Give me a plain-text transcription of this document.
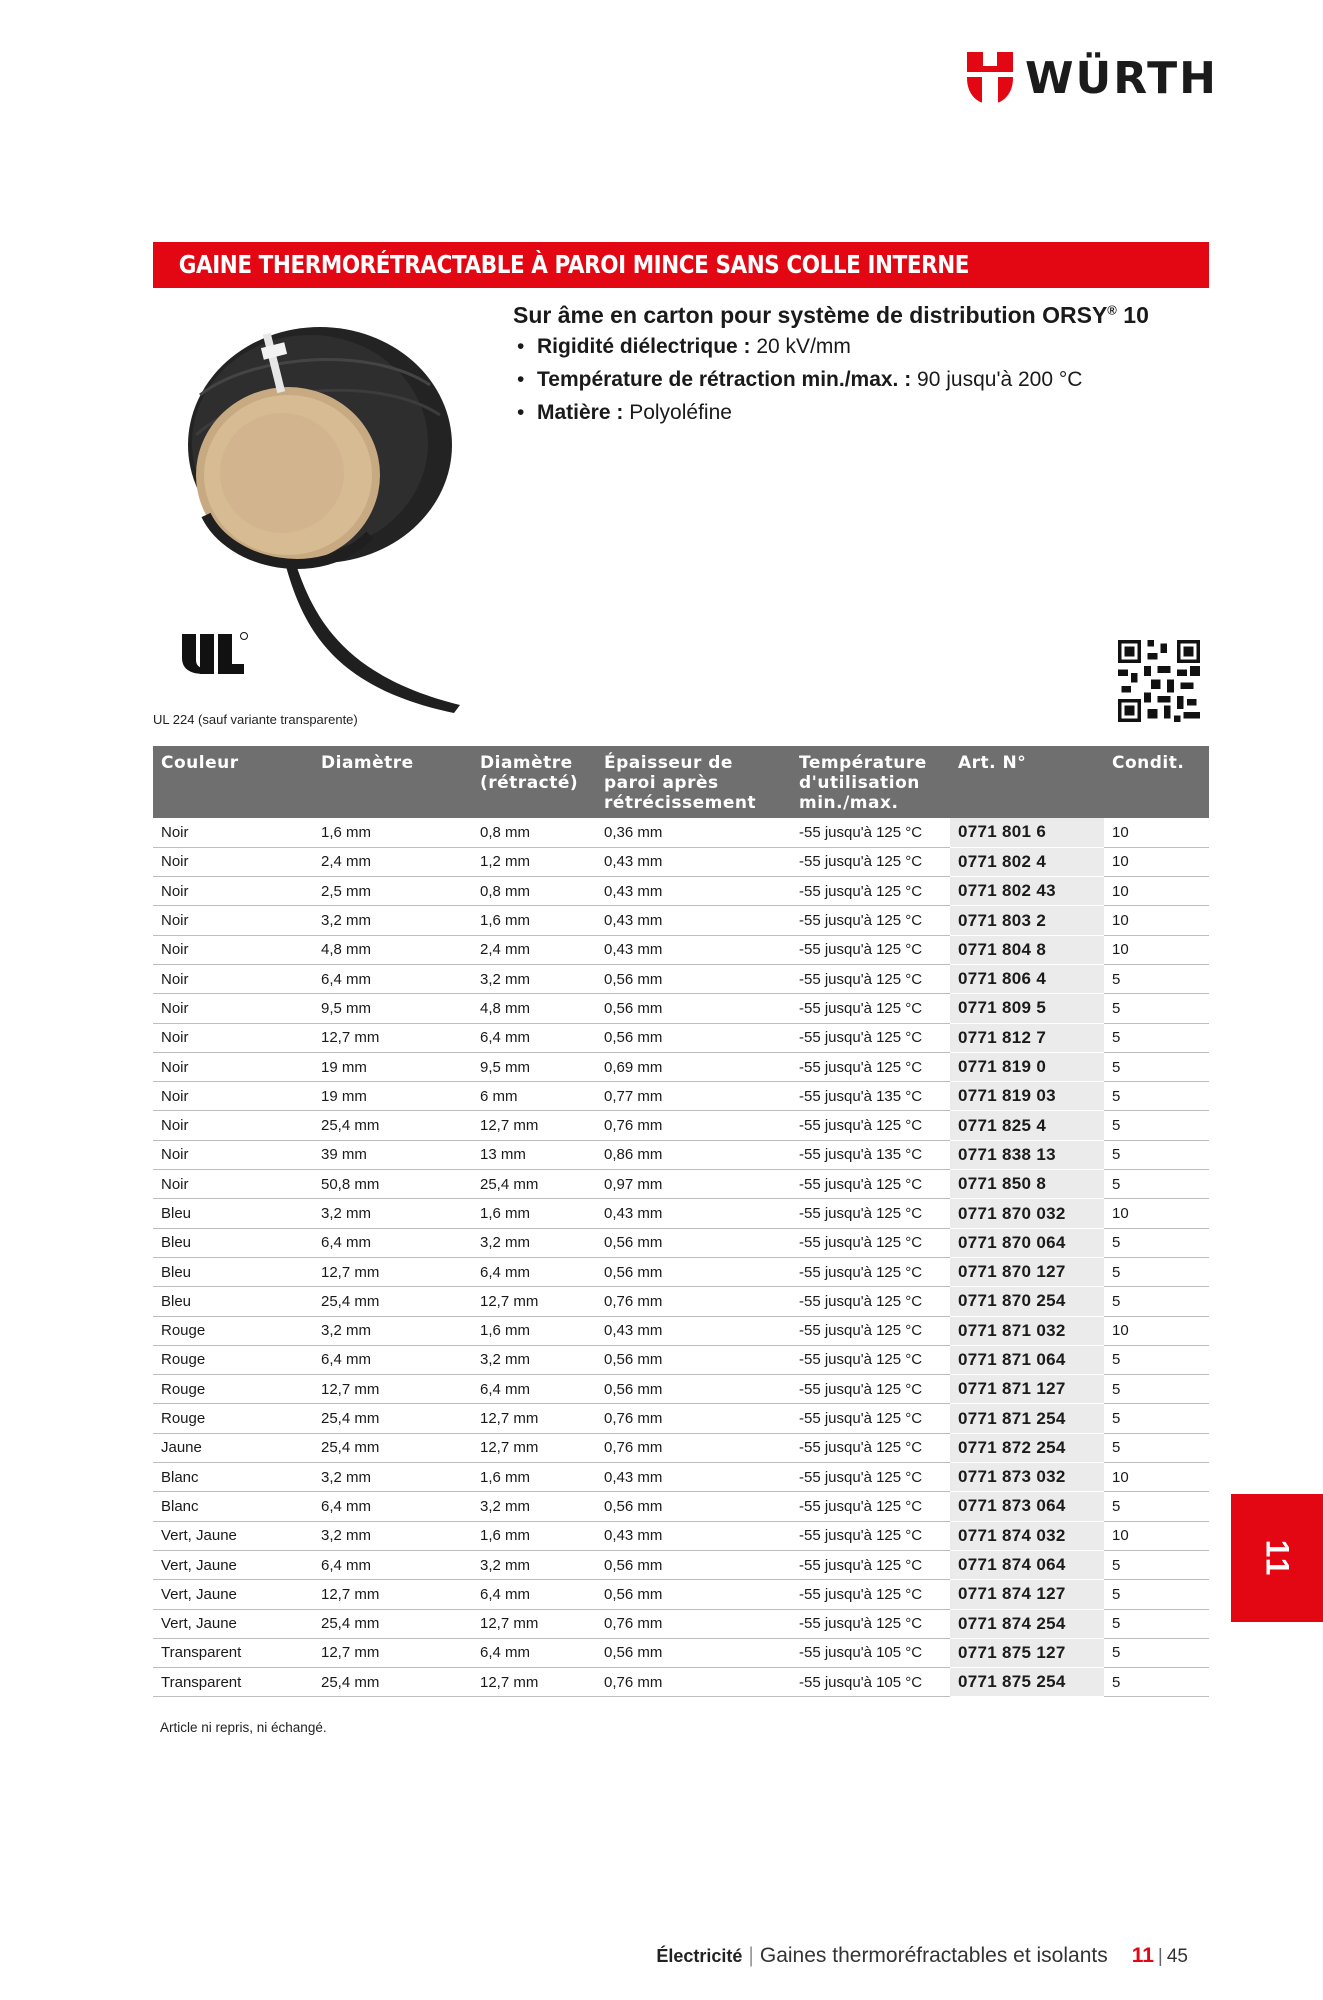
WÜRTH
GAINE THERMORÉTRACTABLE À PAROI MINCE SANS COLLE INTERNE
UL 224 (sauf variante transparente)
Sur âme en carton pour système de distribution ORSY® 10
• Rigidité diélectrique : 20 kV/mm
• Température de rétraction min./max. : 90 jusqu'à 200 °C
• Matière : Polyoléfine
Couleur	Diamètre	Diamètre (rétracté)	Épaisseur de paroi après rétrécissement	Température d'utilisation min./max.	Art. N°	Condit.
Noir	1,6 mm	0,8 mm	0,36 mm	-55 jusqu'à 125 °C	0771 801 6	10
Noir	2,4 mm	1,2 mm	0,43 mm	-55 jusqu'à 125 °C	0771 802 4	10
Noir	2,5 mm	0,8 mm	0,43 mm	-55 jusqu'à 125 °C	0771 802 43	10
Noir	3,2 mm	1,6 mm	0,43 mm	-55 jusqu'à 125 °C	0771 803 2	10
Noir	4,8 mm	2,4 mm	0,43 mm	-55 jusqu'à 125 °C	0771 804 8	10
Noir	6,4 mm	3,2 mm	0,56 mm	-55 jusqu'à 125 °C	0771 806 4	5
Noir	9,5 mm	4,8 mm	0,56 mm	-55 jusqu'à 125 °C	0771 809 5	5
Noir	12,7 mm	6,4 mm	0,56 mm	-55 jusqu'à 125 °C	0771 812 7	5
Noir	19 mm	9,5 mm	0,69 mm	-55 jusqu'à 125 °C	0771 819 0	5
Noir	19 mm	6 mm	0,77 mm	-55 jusqu'à 135 °C	0771 819 03	5
Noir	25,4 mm	12,7 mm	0,76 mm	-55 jusqu'à 125 °C	0771 825 4	5
Noir	39 mm	13 mm	0,86 mm	-55 jusqu'à 135 °C	0771 838 13	5
Noir	50,8 mm	25,4 mm	0,97 mm	-55 jusqu'à 125 °C	0771 850 8	5
Bleu	3,2 mm	1,6 mm	0,43 mm	-55 jusqu'à 125 °C	0771 870 032	10
Bleu	6,4 mm	3,2 mm	0,56 mm	-55 jusqu'à 125 °C	0771 870 064	5
Bleu	12,7 mm	6,4 mm	0,56 mm	-55 jusqu'à 125 °C	0771 870 127	5
Bleu	25,4 mm	12,7 mm	0,76 mm	-55 jusqu'à 125 °C	0771 870 254	5
Rouge	3,2 mm	1,6 mm	0,43 mm	-55 jusqu'à 125 °C	0771 871 032	10
Rouge	6,4 mm	3,2 mm	0,56 mm	-55 jusqu'à 125 °C	0771 871 064	5
Rouge	12,7 mm	6,4 mm	0,56 mm	-55 jusqu'à 125 °C	0771 871 127	5
Rouge	25,4 mm	12,7 mm	0,76 mm	-55 jusqu'à 125 °C	0771 871 254	5
Jaune	25,4 mm	12,7 mm	0,76 mm	-55 jusqu'à 125 °C	0771 872 254	5
Blanc	3,2 mm	1,6 mm	0,43 mm	-55 jusqu'à 125 °C	0771 873 032	10
Blanc	6,4 mm	3,2 mm	0,56 mm	-55 jusqu'à 125 °C	0771 873 064	5
Vert, Jaune	3,2 mm	1,6 mm	0,43 mm	-55 jusqu'à 125 °C	0771 874 032	10
Vert, Jaune	6,4 mm	3,2 mm	0,56 mm	-55 jusqu'à 125 °C	0771 874 064	5
Vert, Jaune	12,7 mm	6,4 mm	0,56 mm	-55 jusqu'à 125 °C	0771 874 127	5
Vert, Jaune	25,4 mm	12,7 mm	0,76 mm	-55 jusqu'à 125 °C	0771 874 254	5
Transparent	12,7 mm	6,4 mm	0,56 mm	-55 jusqu'à 105 °C	0771 875 127	5
Transparent	25,4 mm	12,7 mm	0,76 mm	-55 jusqu'à 105 °C	0771 875 254	5
Article ni repris, ni échangé.
11
Électricité | Gaines thermoréfractables et isolants 11 | 45
